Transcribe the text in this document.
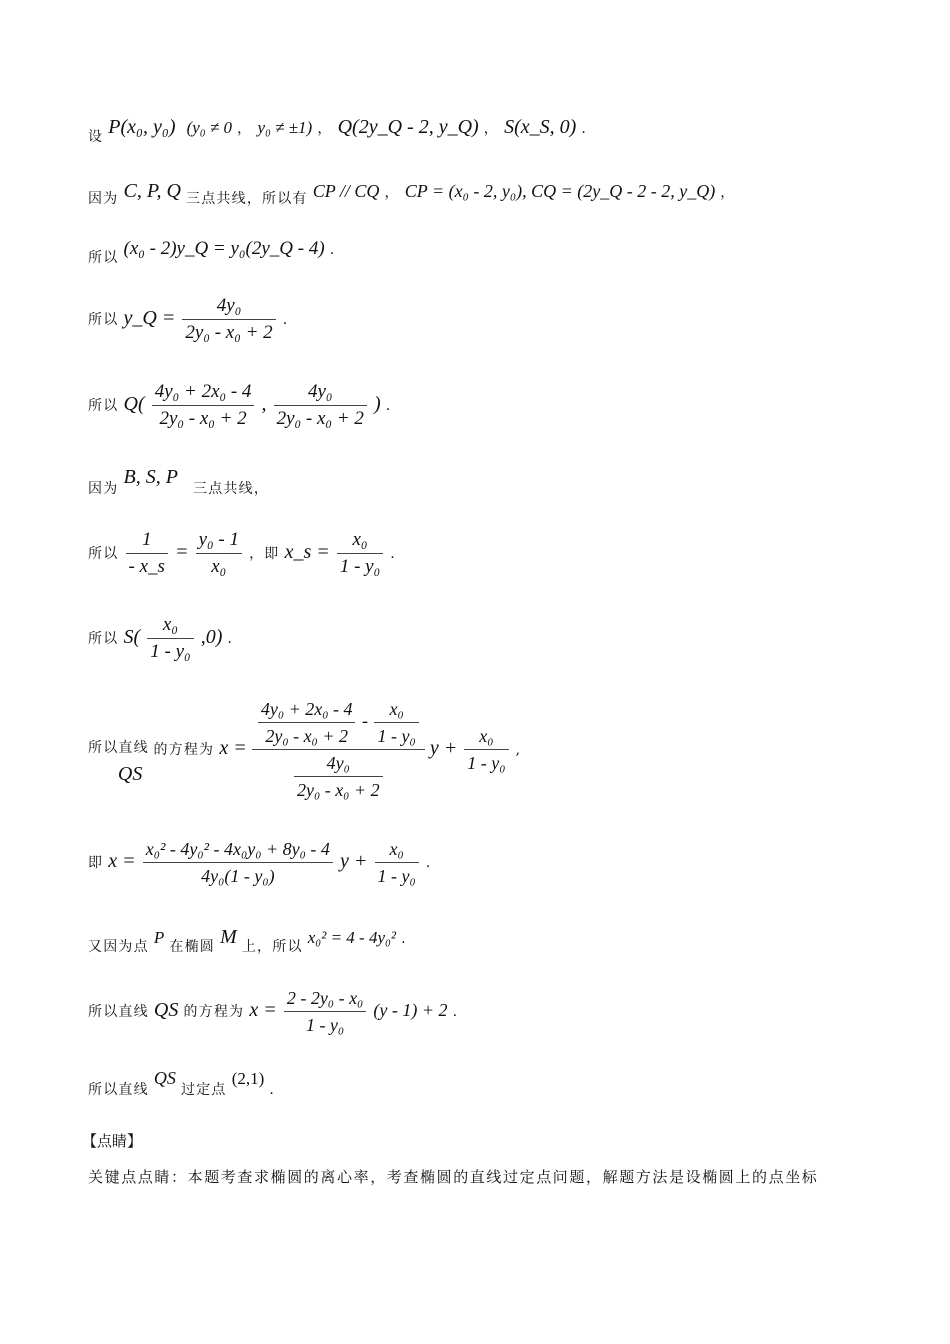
设 P(x₀, y₀) (y₀ ≠ 0 ， y₀ ≠ ±1) ， Q(2y_Q - 2, y_Q) ， S(x_S, 0) .
因为 C, P, Q 三点共线，所以有 CP // CQ ， CP = (x₀ - 2, y₀), CQ = (2y_Q - 2 - 2, y_Q) ，
所以 (x₀ - 2)y_Q = y₀(2y_Q - 4) .
所以 y_Q = $\frac{\text{4y₀}}{\text{2y₀ - x₀ + 2}}$ .
所以 $Q( \frac{\text{4y₀ + 2x₀ - 4}}{\text{2y₀ - x₀ + 2}}$ , $\frac{\text{4y₀}}{\text{2y₀ - x₀ + 2}}$ ) .
因为 B, S, P 三点共线，
所以 $\frac{1}{- x\_s} = \frac{\text{y₀ - 1}}{\text{x₀}}$ ，即 x_s = $\frac{\text{x₀}}{\text{1 - y₀}}$ .
所以 $S( \frac{\text{x₀}}{\text{1 - y₀}} ,0)$ .
所以直线 QS 的方程为 $x = \frac{\text{4y₀ + 2x₀ - 4}}{\text{2y₀ - x₀ + 2}} - \frac{\text{x₀}}{\text{1 - y₀}}$
$\frac{\text{4y₀}}{\text{2y₀ - x₀ + 2}}$
$y + \frac{\text{x₀}}{\text{1 - y₀}}$ ,
即 $x = \frac{\text{x₀² - 4y₀² - 4x₀y₀ + 8y₀ - 4}}{\text{4y₀(1 - y₀)}}$ $y + \frac{\text{x₀}}{\text{1 - y₀}}$ .
又因为点 P 在椭圆 M 上，所以 x₀² = 4 - 4y₀² .
所以直线 QS 的方程为 $x = \frac{\text{2 - 2y₀ - x₀}}{\text{1 - y₀}} (y - 1) + 2$ .
所以直线 QS 过定点 (2,1) .
【点睛】
关键点点睛：本题考查求椭圆的离心率，考查椭圆的直线过定点问题，解题方法是设椭圆上的点坐标
